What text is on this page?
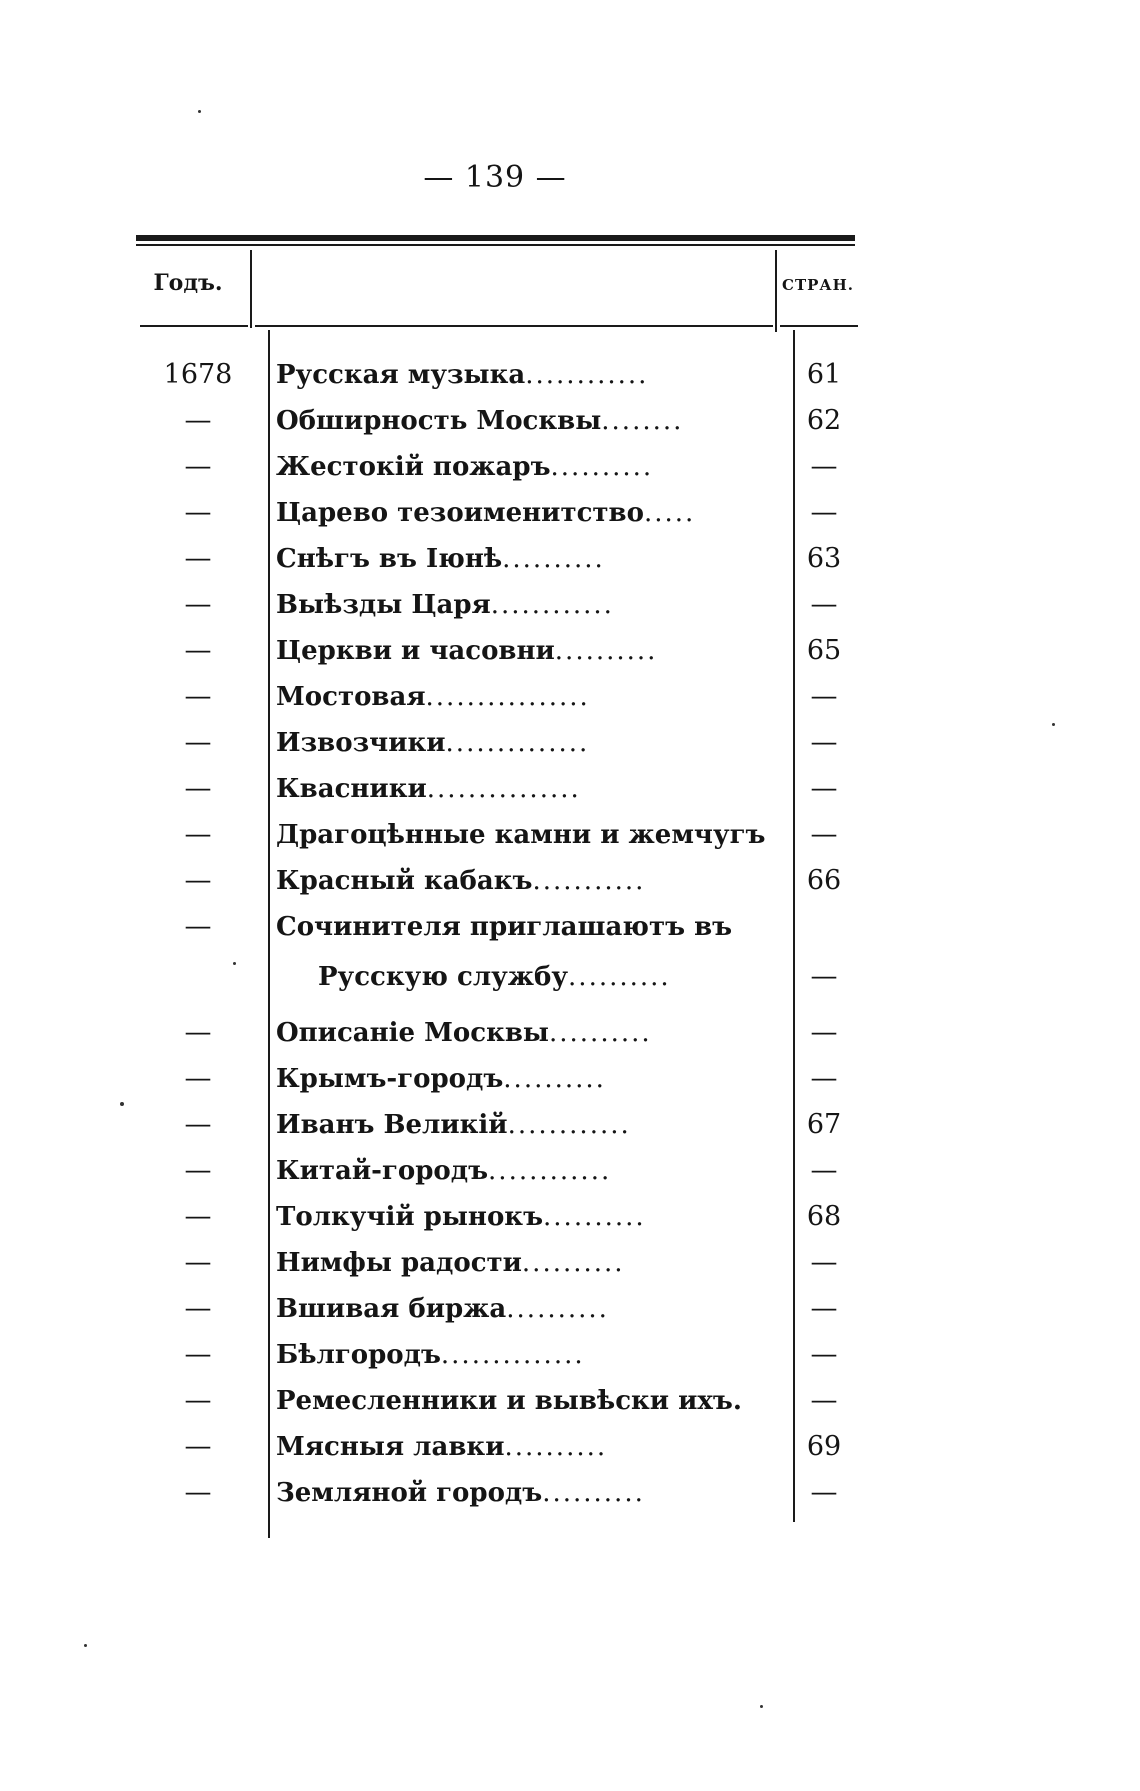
— 139 —
Годъ.	СТРАН.
1678	Русская музыка............	61
—	Обширность Москвы........	62
—	Жестокій пожаръ..........	—
—	Царево тезоименитство.....	—
—	Снѣгъ въ Іюнѣ..........	63
—	Выѣзды Царя............	—
—	Церкви и часовни..........	65
—	Мостовая................	—
—	Извозчики..............	—
—	Квасники...............	—
—	Драгоцѣнные камни и жемчугъ	—
—	Красный кабакъ...........	66
—	Сочинителя приглашаютъ въ
Русскую службу..........	—
—	Описаніе Москвы..........	—
—	Крымъ-городъ..........	—
—	Иванъ Великій............	67
—	Китай-городъ............	—
—	Толкучій рынокъ..........	68
—	Нимфы радости..........	—
—	Вшивая биржа..........	—
—	Бѣлгородъ..............	—
—	Ремесленники и вывѣски ихъ.	—
—	Мясныя лавки..........	69
—	Земляной городъ..........	—
